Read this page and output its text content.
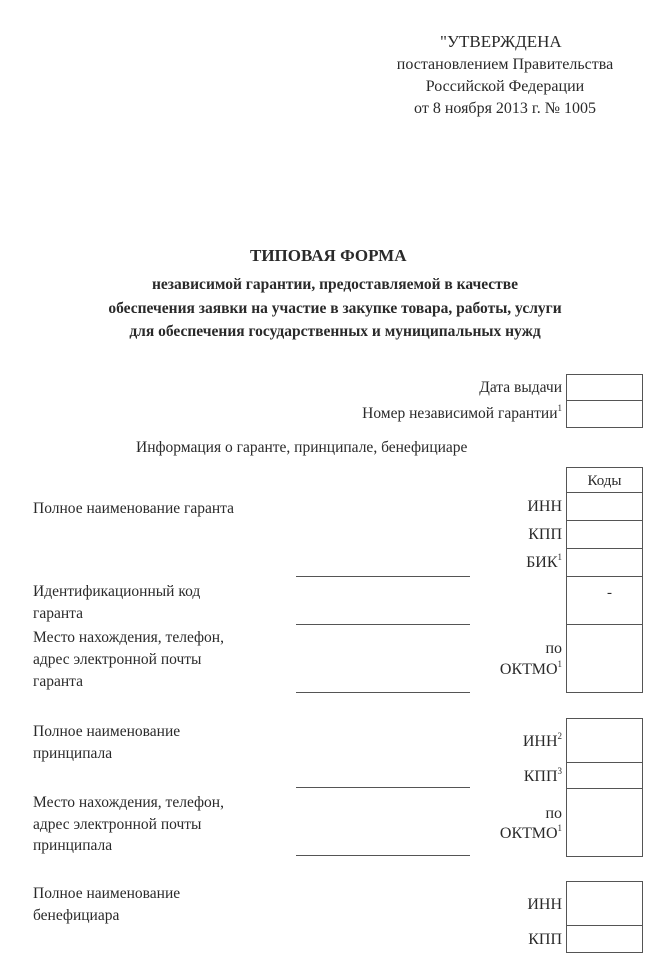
"УТВЕРЖДЕНА
постановлением Правительства
Российской Федерации
от 8 ноября 2013 г. № 1005
ТИПОВАЯ ФОРМА
независимой гарантии, предоставляемой в качестве
обеспечения заявки на участие в закупке товара, работы, услуги
для обеспечения государственных и муниципальных нужд
Дата выдачи
Номер независимой гарантии$^1$
Информация о гаранте, принципале, бенефициаре
Коды
Полное наименование гаранта	ИНН
КПП
БИК$^1$
Идентификационный код
гаранта
-
Место нахождения, телефон,
адрес электронной почты
гаранта
по
ОКТМО$^1$
Полное наименование
принципала
ИНН$^2$
КПП$^3$
Место нахождения, телефон,
адрес электронной почты
принципала
по
ОКТМО$^1$
Полное наименование
бенефициара
ИНН
КПП
